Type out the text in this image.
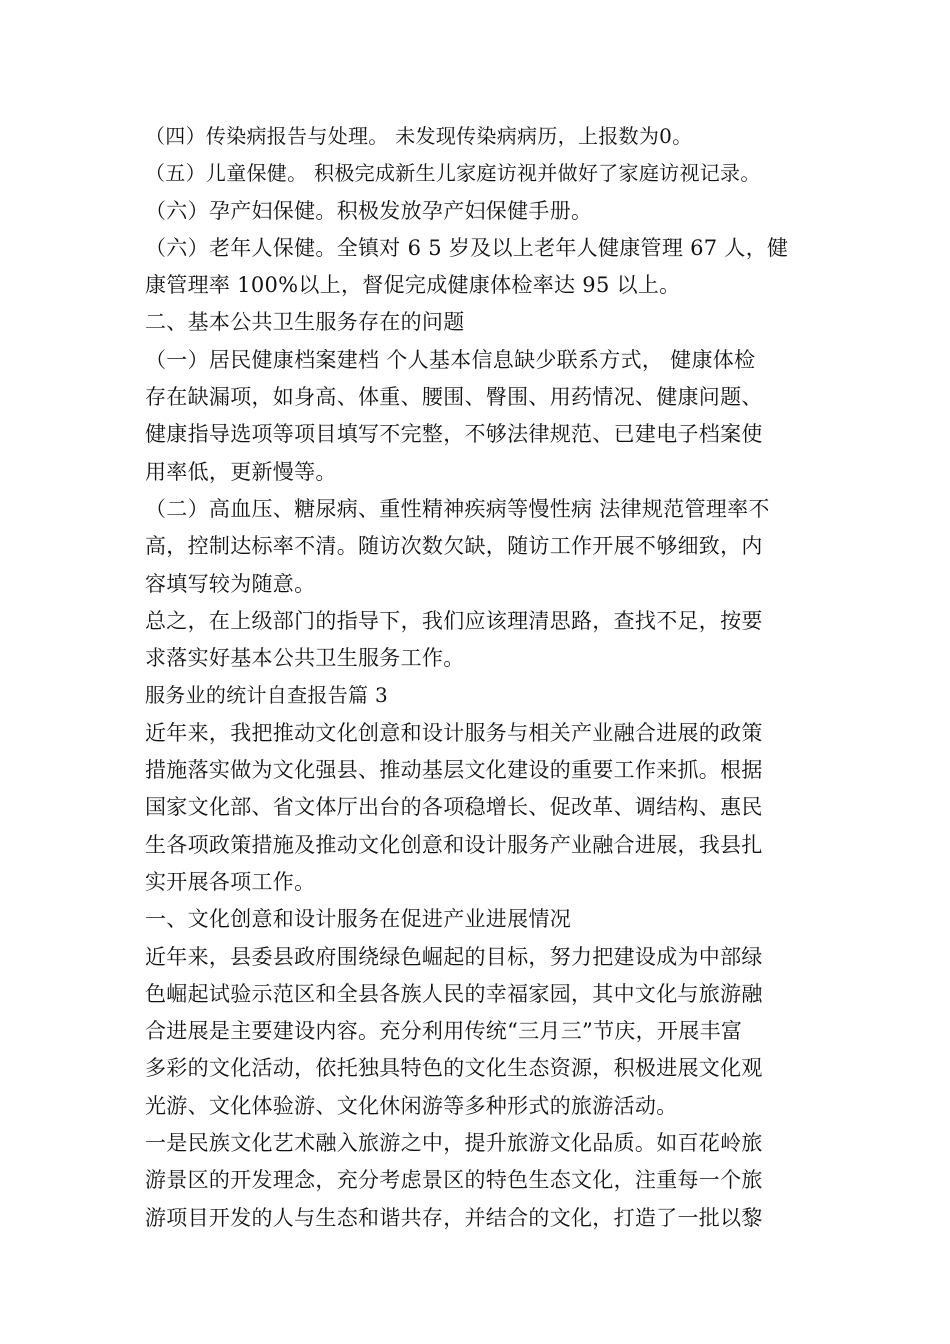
（四）传染病报告与处理。 未发现传染病病历，上报数为0。
（五）儿童保健。 积极完成新生儿家庭访视并做好了家庭访视记录。
（六）孕产妇保健。积极发放孕产妇保健手册。
（六）老年人保健。全镇对 6 5 岁及以上老年人健康管理 67 人，健
康管理率 100%以上，督促完成健康体检率达 95 以上。
二、基本公共卫生服务存在的问题
（一）居民健康档案建档 个人基本信息缺少联系方式， 健康体检
存在缺漏项，如身高、体重、腰围、臀围、用药情况、健康问题、
健康指导选项等项目填写不完整，不够法律规范、已建电子档案使
用率低，更新慢等。
（二）高血压、糖尿病、重性精神疾病等慢性病 法律规范管理率不
高，控制达标率不清。随访次数欠缺，随访工作开展不够细致，内
容填写较为随意。
总之，在上级部门的指导下，我们应该理清思路，查找不足，按要
求落实好基本公共卫生服务工作。
服务业的统计自查报告篇 3
近年来，我把推动文化创意和设计服务与相关产业融合进展的政策
措施落实做为文化强县、推动基层文化建设的重要工作来抓。根据
国家文化部、省文体厅出台的各项稳增长、促改革、调结构、惠民
生各项政策措施及推动文化创意和设计服务产业融合进展，我县扎
实开展各项工作。
一、文化创意和设计服务在促进产业进展情况
近年来，县委县政府围绕绿色崛起的目标，努力把建设成为中部绿
色崛起试验示范区和全县各族人民的幸福家园，其中文化与旅游融
合进展是主要建设内容。充分利用传统“三月三”节庆，开展丰富
多彩的文化活动，依托独具特色的文化生态资源，积极进展文化观
光游、文化体验游、文化休闲游等多种形式的旅游活动。
一是民族文化艺术融入旅游之中，提升旅游文化品质。如百花岭旅
游景区的开发理念，充分考虑景区的特色生态文化，注重每一个旅
游项目开发的人与生态和谐共存，并结合的文化，打造了一批以黎
